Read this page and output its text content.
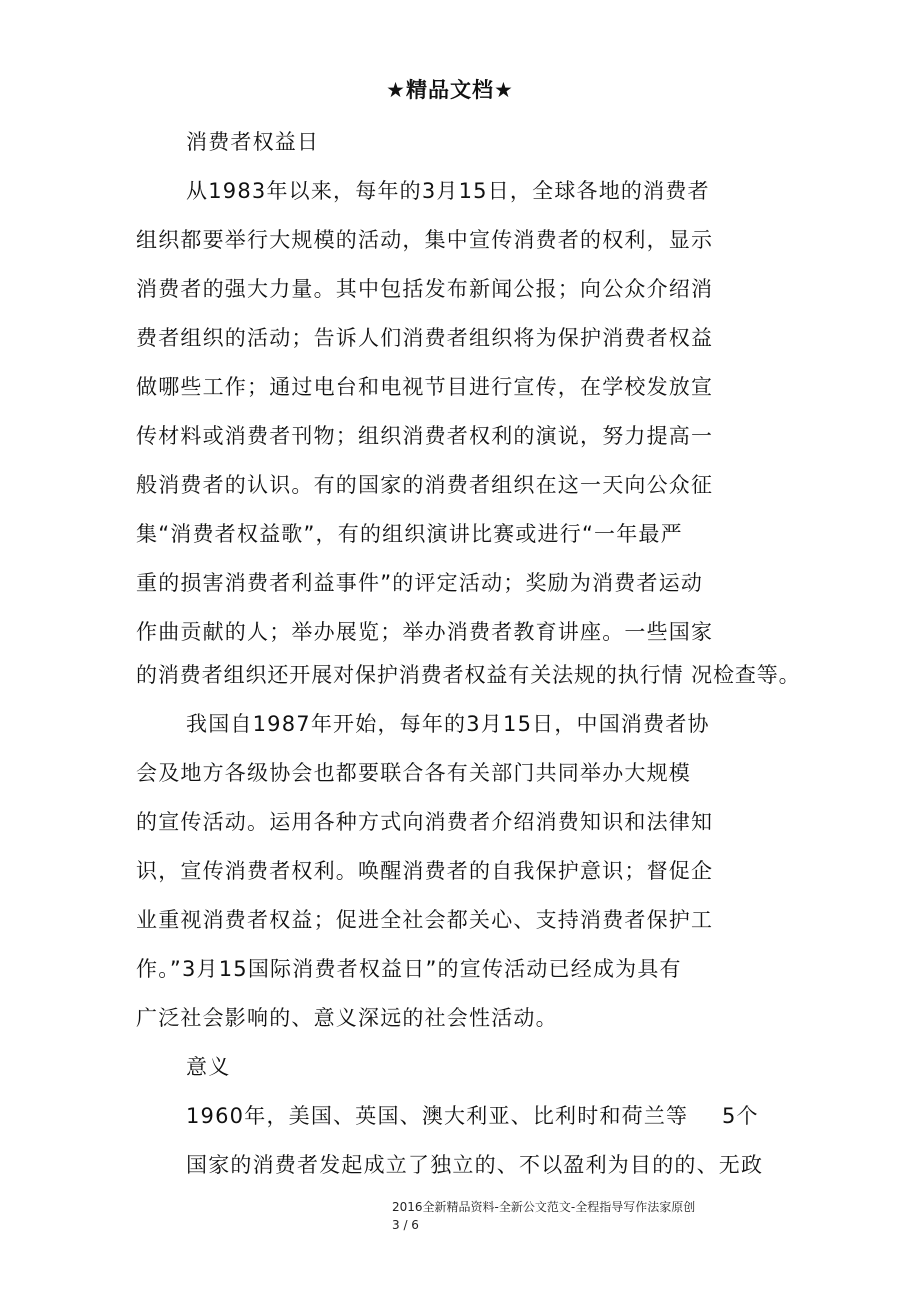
★精品文档★
消费者权益日
从1983年以来，每年的3月15日，全球各地的消费者
组织都要举行大规模的活动，集中宣传消费者的权利，显示
消费者的强大力量。其中包括发布新闻公报；向公众介绍消
费者组织的活动；告诉人们消费者组织将为保护消费者权益
做哪些工作；通过电台和电视节目进行宣传，在学校发放宣
传材料或消费者刊物；组织消费者权利的演说，努力提高一
般消费者的认识。有的国家的消费者组织在这一天向公众征
集“消费者权益歌”，有的组织演讲比赛或进行“一年最严
重的损害消费者利益事件”的评定活动；奖励为消费者运动
作曲贡献的人；举办展览；举办消费者教育讲座。一些国家
的消费者组织还开展对保护消费者权益有关法规的执行情 况检查等。
我国自1987年开始，每年的3月15日，中国消费者协
会及地方各级协会也都要联合各有关部门共同举办大规模
的宣传活动。运用各种方式向消费者介绍消费知识和法律知
识，宣传消费者权利。唤醒消费者的自我保护意识；督促企
业重视消费者权益；促进全社会都关心、支持消费者保护工
作。”3月15国际消费者权益日”的宣传活动已经成为具有
广泛社会影响的、意义深远的社会性活动。
意义
1960年，美国、英国、澳大利亚、比利时和荷兰等 5个
国家的消费者发起成立了独立的、不以盈利为目的的、无政
2016全新精品资料-全新公文范文-全程指导写作法家原创
3 / 6
